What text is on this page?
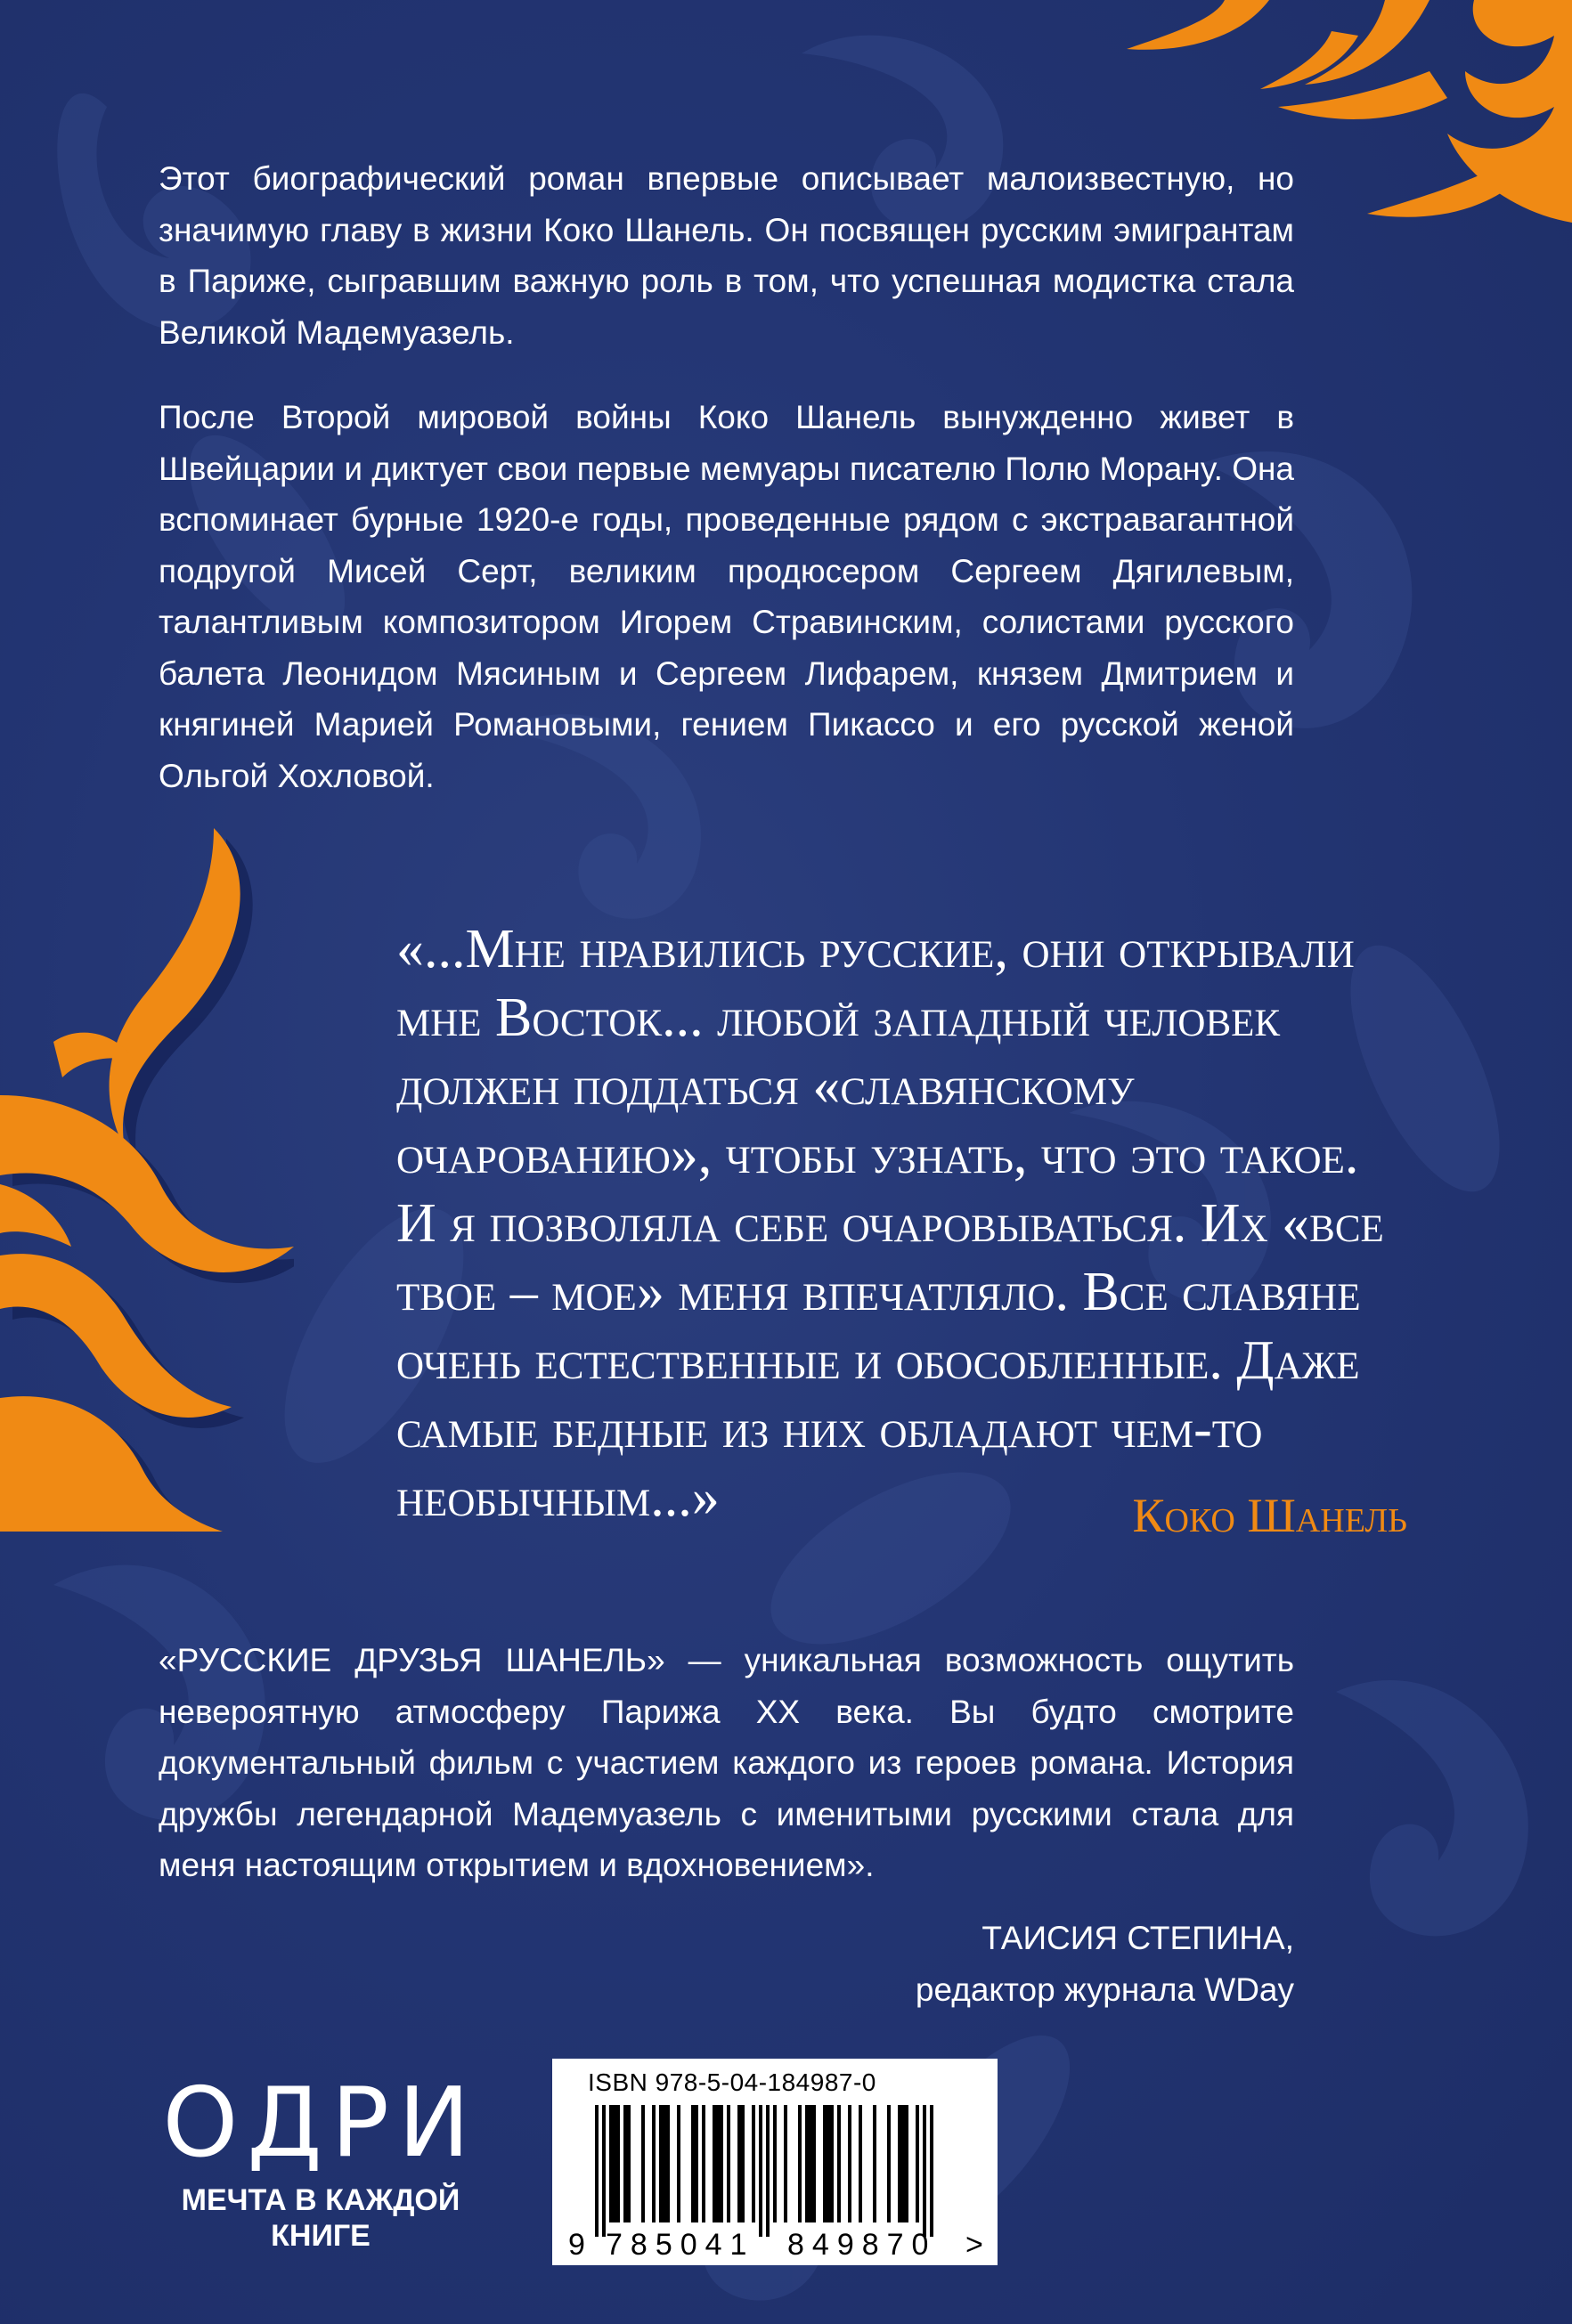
Этот биографический роман впервые описывает малоизвестную, но значимую главу в жизни Коко Шанель. Он посвящен русским эмигрантам в Париже, сыгравшим важную роль в том, что успешная модистка стала Великой Мадемуазель.

После Второй мировой войны Коко Шанель вынужденно живет в Швейцарии и диктует свои первые мемуары писателю Полю Морану. Она вспоминает бурные 1920-е годы, проведенные рядом с экстравагантной подругой Мисей Серт, великим продюсером Сергеем Дягилевым, талантливым композитором Игорем Стравинским, солистами русского балета Леонидом Мясиным и Сергеем Лифарем, князем Дмитрием и княгиней Марией Романовыми, гением Пикассо и его русской женой Ольгой Хохловой.

«...Мне нравились русские, они открывали мне Восток... любой западный человек должен поддаться «славянскому очарованию», чтобы узнать, что это такое. И я позволяла себе очаровываться. Их «все твое – мое» меня впечатляло. Все славяне очень естественные и обособленные. Даже самые бедные из них обладают чем-то необычным...»	Коко Шанель

«РУССКИЕ ДРУЗЬЯ ШАНЕЛЬ» — уникальная возможность ощутить невероятную атмосферу Парижа XX века. Вы будто смотрите документальный фильм с участием каждого из героев романа. История дружбы легендарной Мадемуазель с именитыми русскими стала для меня настоящим открытием и вдохновением».

ТАИСИЯ СТЕПИНА,

редактор журнала WDay

ОДРИ
МЕЧТА В КАЖДОЙ
КНИГЕ

ISBN 978-5-04-184987-0

9 785041 849870 >
